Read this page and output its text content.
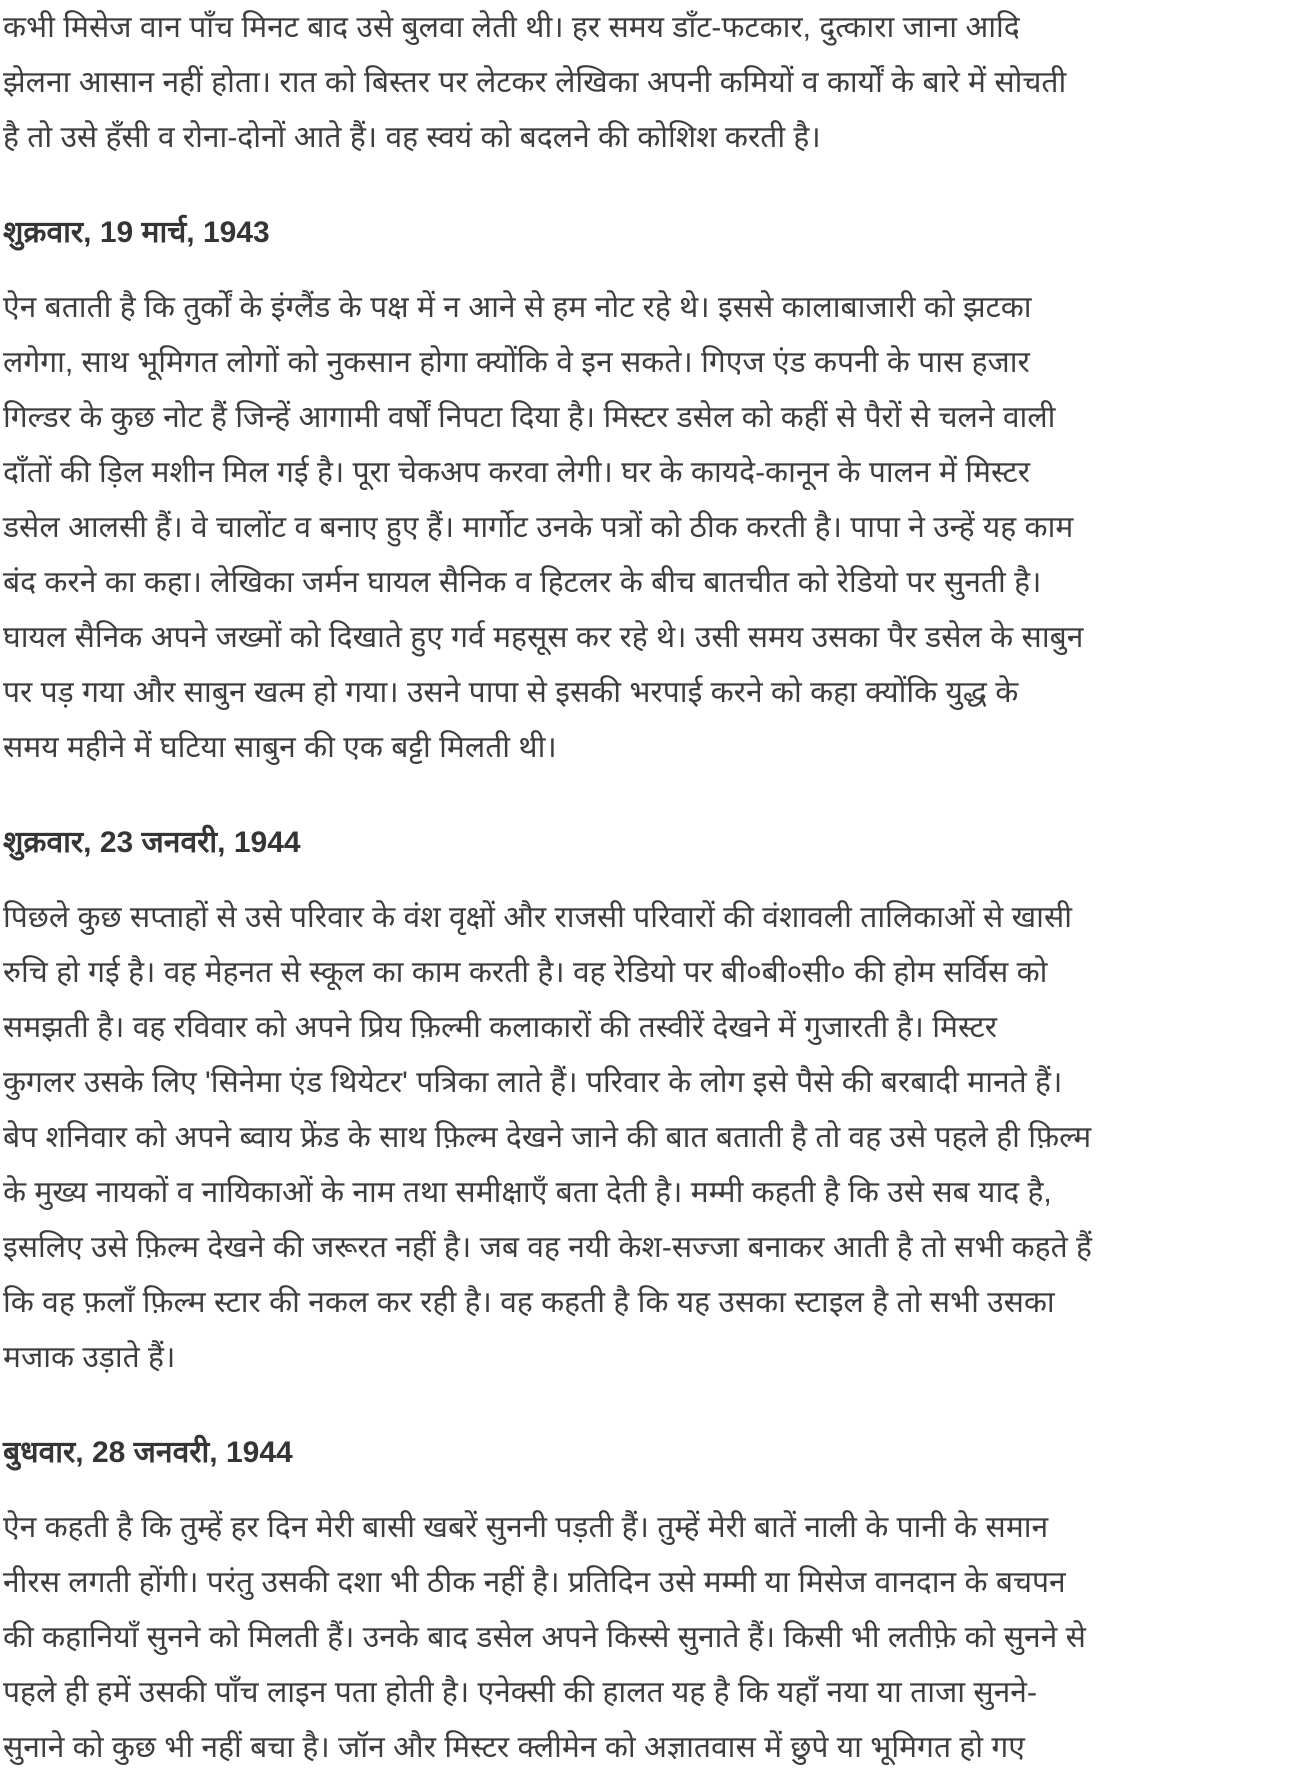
कभी मिसेज वान पाँच मिनट बाद उसे बुलवा लेती थी। हर समय डाँट-फटकार, दुत्कारा जाना आदि
झेलना आसान नहीं होता। रात को बिस्तर पर लेटकर लेखिका अपनी कमियों व कार्यों के बारे में सोचती
है तो उसे हँसी व रोना-दोनों आते हैं। वह स्वयं को बदलने की कोशिश करती है।

शुक्रवार, 19 मार्च, 1943

ऐन बताती है कि तुर्कों के इंग्लैंड के पक्ष में न आने से हम नोट रहे थे। इससे कालाबाजारी को झटका
लगेगा, साथ भूमिगत लोगों को नुकसान होगा क्योंकि वे इन सकते। गिएज एंड कपनी के पास हजार
गिल्डर के कुछ नोट हैं जिन्हें आगामी वर्षों निपटा दिया है। मिस्टर डसेल को कहीं से पैरों से चलने वाली
दाँतों की ड़िल मशीन मिल गई है। पूरा चेकअप करवा लेगी। घर के कायदे-कानून के पालन में मिस्टर
डसेल आलसी हैं। वे चालोंट व बनाए हुए हैं। मार्गोट उनके पत्रों को ठीक करती है। पापा ने उन्हें यह काम
बंद करने का कहा। लेखिका जर्मन घायल सैनिक व हिटलर के बीच बातचीत को रेडियो पर सुनती है।
घायल सैनिक अपने जख्मों को दिखाते हुए गर्व महसूस कर रहे थे। उसी समय उसका पैर डसेल के साबुन
पर पड़ गया और साबुन खत्म हो गया। उसने पापा से इसकी भरपाई करने को कहा क्योंकि युद्ध के
समय महीने में घटिया साबुन की एक बट्टी मिलती थी।

शुक्रवार, 23 जनवरी, 1944

पिछले कुछ सप्ताहों से उसे परिवार के वंश वृक्षों और राजसी परिवारों की वंशावली तालिकाओं से खासी
रुचि हो गई है। वह मेहनत से स्कूल का काम करती है। वह रेडियो पर बी०बी०सी० की होम सर्विस को
समझती है। वह रविवार को अपने प्रिय फ़िल्मी कलाकारों की तस्वीरें देखने में गुजारती है। मिस्टर
कुगलर उसके लिए 'सिनेमा एंड थियेटर' पत्रिका लाते हैं। परिवार के लोग इसे पैसे की बरबादी मानते हैं।
बेप शनिवार को अपने ब्वाय फ्रेंड के साथ फ़िल्म देखने जाने की बात बताती है तो वह उसे पहले ही फ़िल्म
के मुख्य नायकों व नायिकाओं के नाम तथा समीक्षाएँ बता देती है। मम्मी कहती है कि उसे सब याद है,
इसलिए उसे फ़िल्म देखने की जरूरत नहीं है। जब वह नयी केश-सज्जा बनाकर आती है तो सभी कहते हैं
कि वह फ़लाँ फ़िल्म स्टार की नकल कर रही है। वह कहती है कि यह उसका स्टाइल है तो सभी उसका
मजाक उड़ाते हैं।

बुधवार, 28 जनवरी, 1944

ऐन कहती है कि तुम्हें हर दिन मेरी बासी खबरें सुननी पड़ती हैं। तुम्हें मेरी बातें नाली के पानी के समान
नीरस लगती होंगी। परंतु उसकी दशा भी ठीक नहीं है। प्रतिदिन उसे मम्मी या मिसेज वानदान के बचपन
की कहानियाँ सुनने को मिलती हैं। उनके बाद डसेल अपने किस्से सुनाते हैं। किसी भी लतीफ़े को सुनने से
पहले ही हमें उसकी पाँच लाइन पता होती है। एनेक्सी की हालत यह है कि यहाँ नया या ताजा सुनने-
सुनाने को कुछ भी नहीं बचा है। जॉन और मिस्टर क्लीमेन को अज्ञातवास में छुपे या भूमिगत हो गए
